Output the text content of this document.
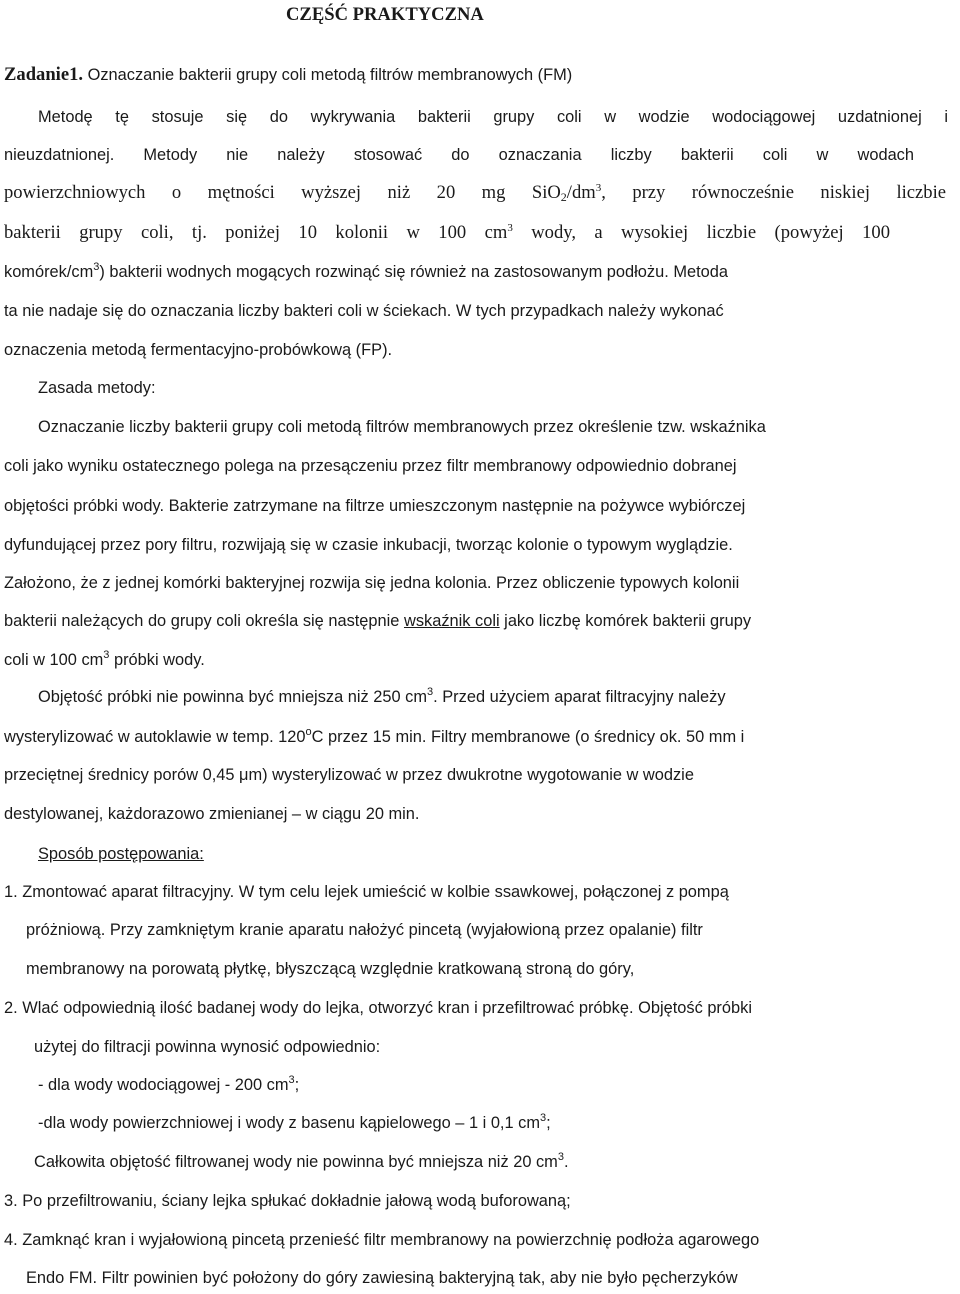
CZĘŚĆ PRAKTYCZNA
Zadanie1. Oznaczanie bakterii grupy coli metodą filtrów membranowych (FM)
Metodę tę stosuje się do wykrywania bakterii grupy coli w wodzie wodociągowej uzdatnionej i
nieuzdatnionej. Metody nie należy stosować do oznaczania liczby bakterii coli w wodach
powierzchniowych o mętności wyższej niż 20 mg $SiO_2/dm^3$, przy równocześnie niskiej liczbie
bakterii grupy coli, tj. poniżej 10 kolonii w 100 $cm^3$ wody, a wysokiej liczbie (powyżej 100
komórek/$cm^3$) bakterii wodnych mogących rozwinąć się również na zastosowanym podłożu. Metoda
ta nie nadaje się do oznaczania liczby bakteri coli w ściekach. W tych przypadkach należy wykonać
oznaczenia metodą fermentacyjno-probówkową (FP).
Zasada metody:
Oznaczanie liczby bakterii grupy coli metodą filtrów membranowych przez określenie tzw. wskaźnika
coli jako wyniku ostatecznego polega na przesączeniu przez filtr membranowy odpowiednio dobranej
objętości próbki wody. Bakterie zatrzymane na filtrze umieszczonym następnie na pożywce wybiórczej
dyfundującej przez pory filtru, rozwijają się w czasie inkubacji, tworząc kolonie o typowym wyglądzie.
Założono, że z jednej komórki bakteryjnej rozwija się jedna kolonia. Przez obliczenie typowych kolonii
bakterii należących do grupy coli określa się następnie wskaźnik coli jako liczbę komórek bakterii grupy
coli w 100 $cm^3$ próbki wody.
Objętość próbki nie powinna być mniejsza niż 250 $cm^3$. Przed użyciem aparat filtracyjny należy
wysterylizować w autoklawie w temp. 120$^o$C przez 15 min. Filtry membranowe (o średnicy ok. 50 mm i
przeciętnej średnicy porów 0,45 μm) wysterylizować w przez dwukrotne wygotowanie w wodzie
destylowanej, każdorazowo zmienianej – w ciągu 20 min.
Sposób postępowania:
1. Zmontować aparat filtracyjny. W tym celu lejek umieścić w kolbie ssawkowej, połączonej z pompą
próżniową. Przy zamkniętym kranie aparatu nałożyć pincetą (wyjałowioną przez opalanie) filtr
membranowy na porowatą płytkę, błyszczącą względnie kratkowaną stroną do góry,
2. Wlać odpowiednią ilość badanej wody do lejka, otworzyć kran i przefiltrować próbkę. Objętość próbki
użytej do filtracji powinna wynosić odpowiednio:
- dla wody wodociągowej - 200 $cm^3$;
-dla wody powierzchniowej i wody z basenu kąpielowego – 1 i 0,1 $cm^3$;
Całkowita objętość filtrowanej wody nie powinna być mniejsza niż 20 $cm^3$.
3. Po przefiltrowaniu, ściany lejka spłukać dokładnie jałową wodą buforowaną;
4. Zamknąć kran i wyjałowioną pincetą przenieść filtr membranowy na powierzchnię podłoża agarowego
Endo FM. Filtr powinien być położony do góry zawiesiną bakteryjną tak, aby nie było pęcherzyków
